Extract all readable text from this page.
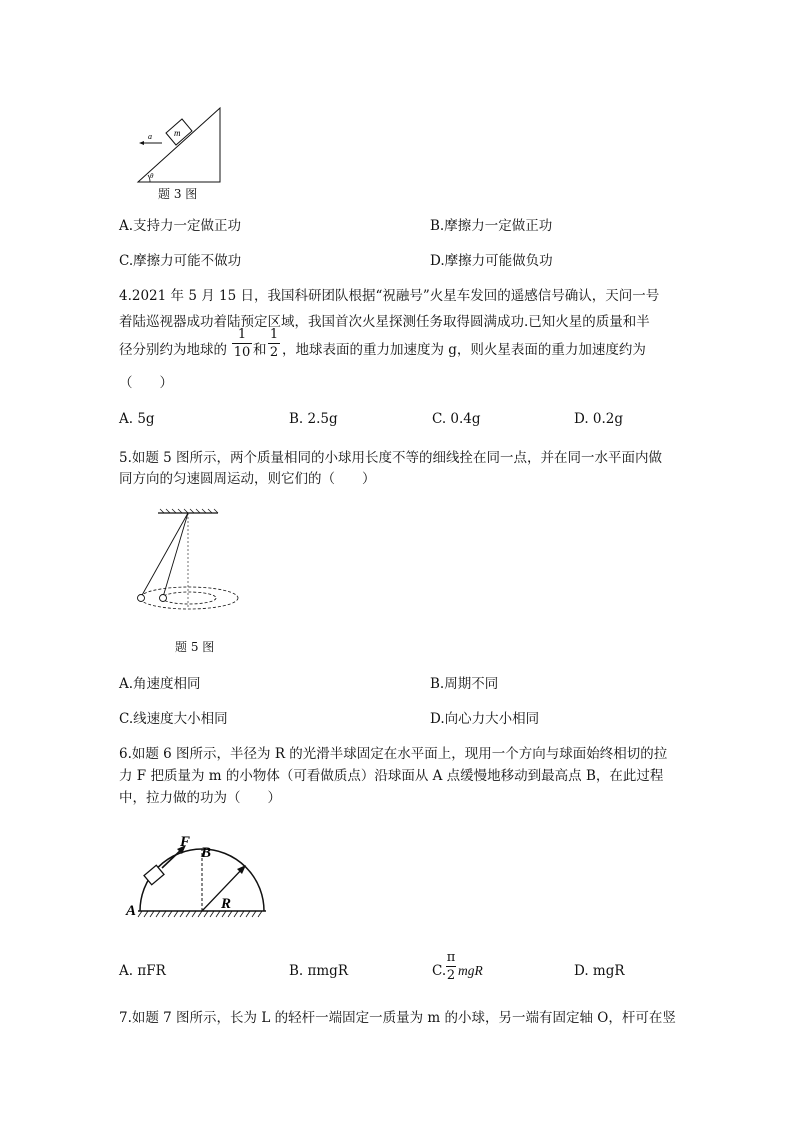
m
a
θ
题 3 图
A.支持力一定做正功	B.摩擦力一定做正功
C.摩擦力可能不做功	D.摩擦力可能做负功
4.2021 年 5 月 15 日，我国科研团队根据“祝融号”火星车发回的遥感信号确认，天问一号
着陆巡视器成功着陆预定区域，我国首次火星探测任务取得圆满成功.已知火星的质量和半
径分别约为地球的
1
10 和
1
2 ，地球表面的重力加速度为 g，则火星表面的重力加速度约为
（　　）
A. 5g	B. 2.5g	C. 0.4g	D. 0.2g
5.如题 5 图所示，两个质量相同的小球用长度不等的细线拴在同一点，并在同一水平面内做
同方向的匀速圆周运动，则它们的（　　）
题 5 图
A.角速度相同	B.周期不同
C.线速度大小相同	D.向心力大小相同
6.如题 6 图所示，半径为 R 的光滑半球固定在水平面上，现用一个方向与球面始终相切的拉
力 F 把质量为 m 的小物体（可看做质点）沿球面从 A 点缓慢地移动到最高点 B，在此过程
中，拉力做的功为（　　）
F
B
A	R
A. πFR	B. πmgR	C.
π
2 mgR	D. mgR
7.如题 7 图所示，长为 L 的轻杆一端固定一质量为 m 的小球，另一端有固定轴 O，杆可在竖
